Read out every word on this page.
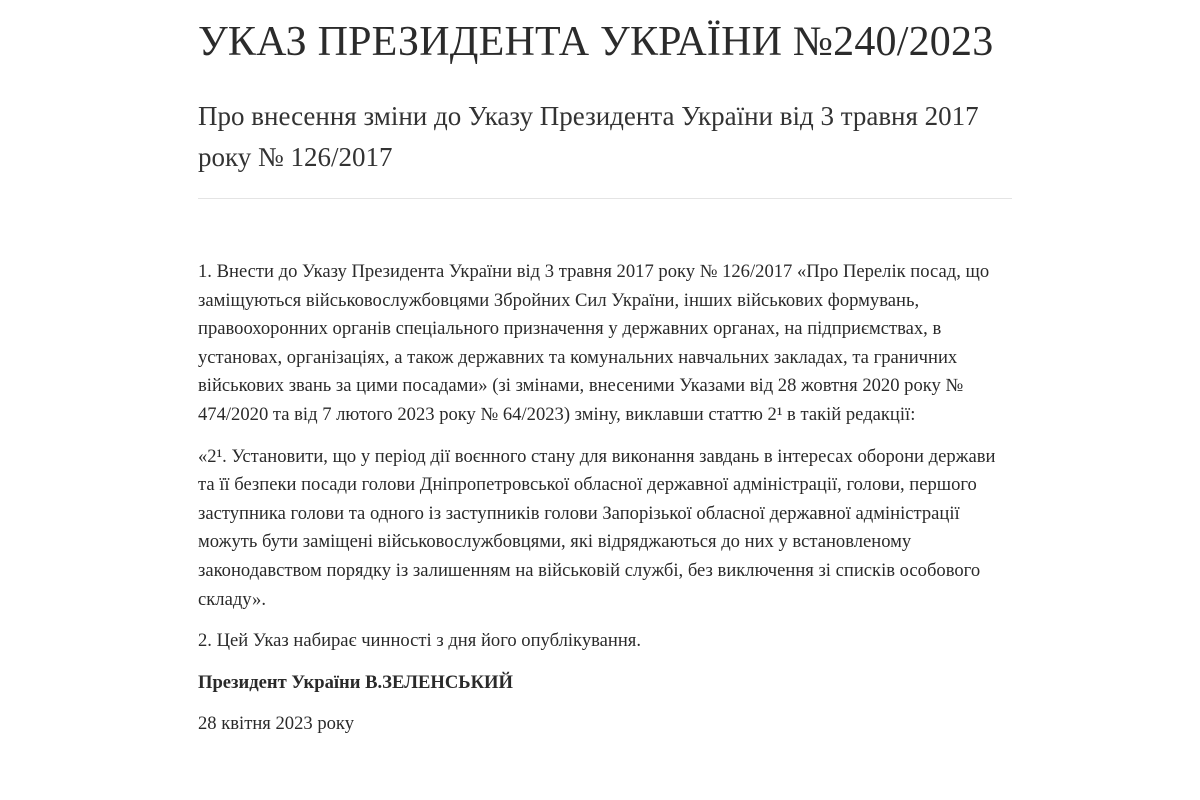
УКАЗ ПРЕЗИДЕНТА УКРАЇНИ №240/2023
Про внесення зміни до Указу Президента України від 3 травня 2017 року № 126/2017

1. Внести до Указу Президента України від 3 травня 2017 року № 126/2017 «Про Перелік посад, що заміщуються військовослужбовцями Збройних Сил України, інших військових формувань, правоохоронних органів спеціального призначення у державних органах, на підприємствах, в установах, організаціях, а також державних та комунальних навчальних закладах, та граничних військових звань за цими посадами» (зі змінами, внесеними Указами від 28 жовтня 2020 року № 474/2020 та від 7 лютого 2023 року № 64/2023) зміну, виклавши статтю 2¹ в такій редакції:

«2¹. Установити, що у період дії воєнного стану для виконання завдань в інтересах оборони держави та її безпеки посади голови Дніпропетровської обласної державної адміністрації, голови, першого заступника голови та одного із заступників голови Запорізької обласної державної адміністрації можуть бути заміщені військовослужбовцями, які відряджаються до них у встановленому законодавством порядку із залишенням на військовій службі, без виключення зі списків особового складу».

2. Цей Указ набирає чинності з дня його опублікування.

Президент України В.ЗЕЛЕНСЬКИЙ

28 квітня 2023 року
